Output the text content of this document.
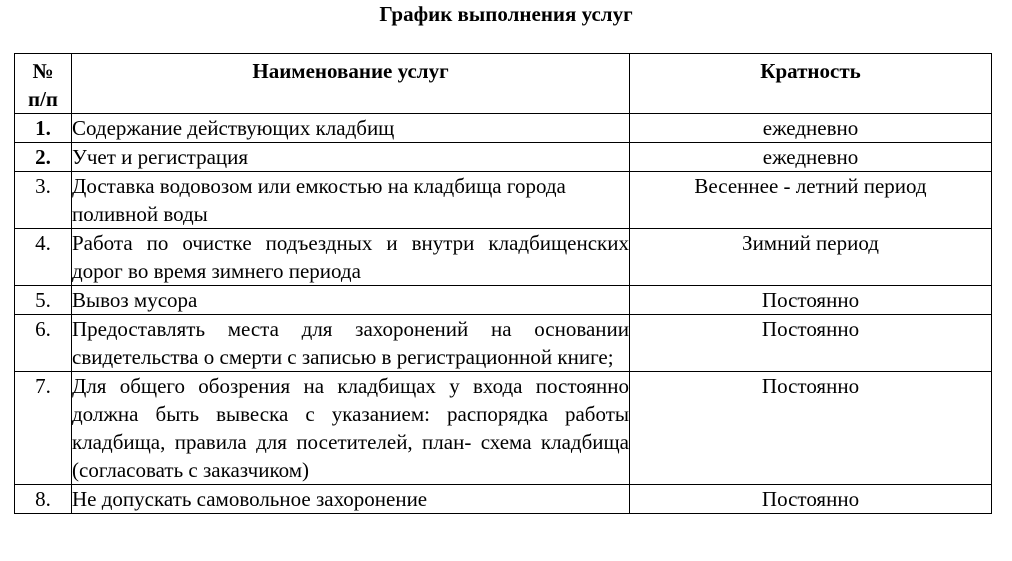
График выполнения услуг
№
п/п	Наименование услуг	Кратность
1.	Содержание действующих кладбищ	ежедневно
2.	Учет и регистрация	ежедневно
3.	Доставка водовозом или емкостью на кладбища города поливной воды	Весеннее - летний период
4.	Работа по очистке подъездных и внутри кладбищенских дорог во время зимнего периода	Зимний период
5.	Вывоз мусора	Постоянно
6.	Предоставлять места для захоронений на основании свидетельства о смерти с записью в регистрационной книге;	Постоянно
7.	Для общего обозрения на кладбищах у входа постоянно должна быть вывеска с указанием: распорядка работы кладбища, правила для посетителей, план- схема кладбища (согласовать с заказчиком)	Постоянно
8.	Не допускать самовольное захоронение	Постоянно
